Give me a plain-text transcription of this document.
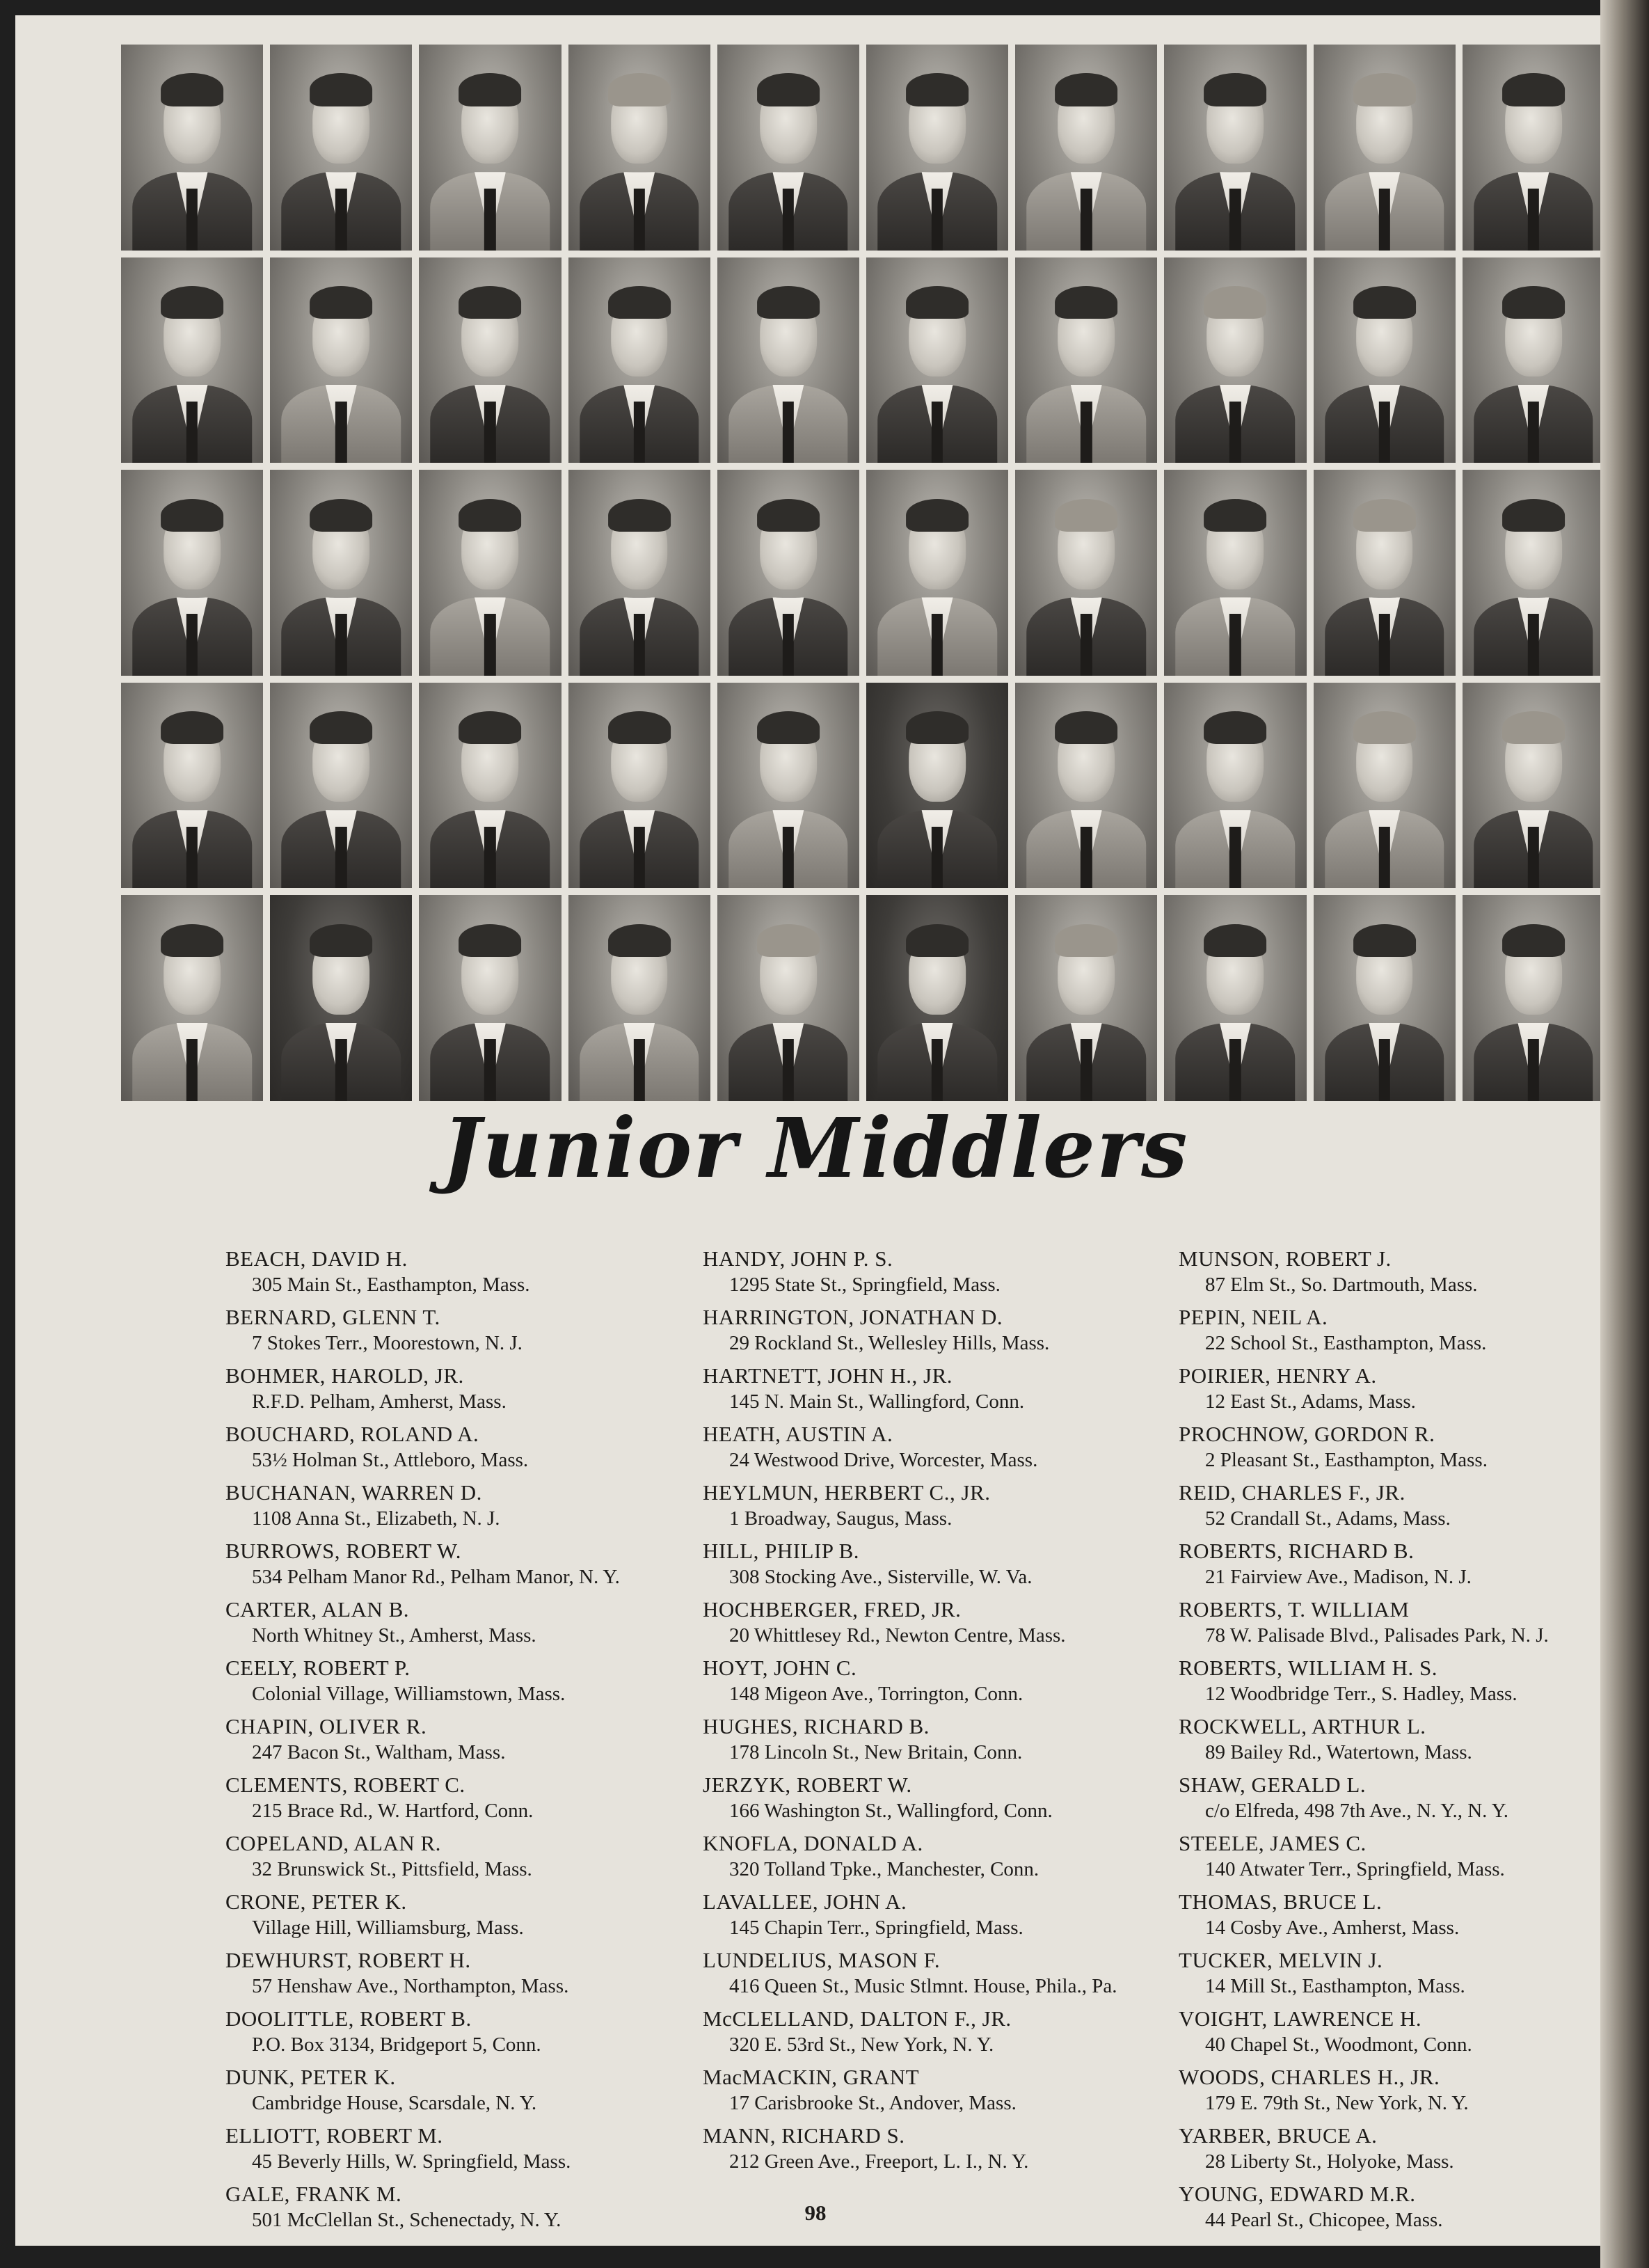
Junior Middlers
BEACH, DAVID H.
305 Main St., Easthampton, Mass.
BERNARD, GLENN T.
7 Stokes Terr., Moorestown, N. J.
BOHMER, HAROLD, JR.
R.F.D. Pelham, Amherst, Mass.
BOUCHARD, ROLAND A.
53½ Holman St., Attleboro, Mass.
BUCHANAN, WARREN D.
1108 Anna St., Elizabeth, N. J.
BURROWS, ROBERT W.
534 Pelham Manor Rd., Pelham Manor, N. Y.
CARTER, ALAN B.
North Whitney St., Amherst, Mass.
CEELY, ROBERT P.
Colonial Village, Williamstown, Mass.
CHAPIN, OLIVER R.
247 Bacon St., Waltham, Mass.
CLEMENTS, ROBERT C.
215 Brace Rd., W. Hartford, Conn.
COPELAND, ALAN R.
32 Brunswick St., Pittsfield, Mass.
CRONE, PETER K.
Village Hill, Williamsburg, Mass.
DEWHURST, ROBERT H.
57 Henshaw Ave., Northampton, Mass.
DOOLITTLE, ROBERT B.
P.O. Box 3134, Bridgeport 5, Conn.
DUNK, PETER K.
Cambridge House, Scarsdale, N. Y.
ELLIOTT, ROBERT M.
45 Beverly Hills, W. Springfield, Mass.
GALE, FRANK M.
501 McClellan St., Schenectady, N. Y.
HANDY, JOHN P. S.
1295 State St., Springfield, Mass.
HARRINGTON, JONATHAN D.
29 Rockland St., Wellesley Hills, Mass.
HARTNETT, JOHN H., JR.
145 N. Main St., Wallingford, Conn.
HEATH, AUSTIN A.
24 Westwood Drive, Worcester, Mass.
HEYLMUN, HERBERT C., JR.
1 Broadway, Saugus, Mass.
HILL, PHILIP B.
308 Stocking Ave., Sisterville, W. Va.
HOCHBERGER, FRED, JR.
20 Whittlesey Rd., Newton Centre, Mass.
HOYT, JOHN C.
148 Migeon Ave., Torrington, Conn.
HUGHES, RICHARD B.
178 Lincoln St., New Britain, Conn.
JERZYK, ROBERT W.
166 Washington St., Wallingford, Conn.
KNOFLA, DONALD A.
320 Tolland Tpke., Manchester, Conn.
LAVALLEE, JOHN A.
145 Chapin Terr., Springfield, Mass.
LUNDELIUS, MASON F.
416 Queen St., Music Stlmnt. House, Phila., Pa.
McCLELLAND, DALTON F., JR.
320 E. 53rd St., New York, N. Y.
MacMACKIN, GRANT
17 Carisbrooke St., Andover, Mass.
MANN, RICHARD S.
212 Green Ave., Freeport, L. I., N. Y.
MUNSON, ROBERT J.
87 Elm St., So. Dartmouth, Mass.
PEPIN, NEIL A.
22 School St., Easthampton, Mass.
POIRIER, HENRY A.
12 East St., Adams, Mass.
PROCHNOW, GORDON R.
2 Pleasant St., Easthampton, Mass.
REID, CHARLES F., JR.
52 Crandall St., Adams, Mass.
ROBERTS, RICHARD B.
21 Fairview Ave., Madison, N. J.
ROBERTS, T. WILLIAM
78 W. Palisade Blvd., Palisades Park, N. J.
ROBERTS, WILLIAM H. S.
12 Woodbridge Terr., S. Hadley, Mass.
ROCKWELL, ARTHUR L.
89 Bailey Rd., Watertown, Mass.
SHAW, GERALD L.
c/o Elfreda, 498 7th Ave., N. Y., N. Y.
STEELE, JAMES C.
140 Atwater Terr., Springfield, Mass.
THOMAS, BRUCE L.
14 Cosby Ave., Amherst, Mass.
TUCKER, MELVIN J.
14 Mill St., Easthampton, Mass.
VOIGHT, LAWRENCE H.
40 Chapel St., Woodmont, Conn.
WOODS, CHARLES H., JR.
179 E. 79th St., New York, N. Y.
YARBER, BRUCE A.
28 Liberty St., Holyoke, Mass.
YOUNG, EDWARD M.R.
44 Pearl St., Chicopee, Mass.
98
